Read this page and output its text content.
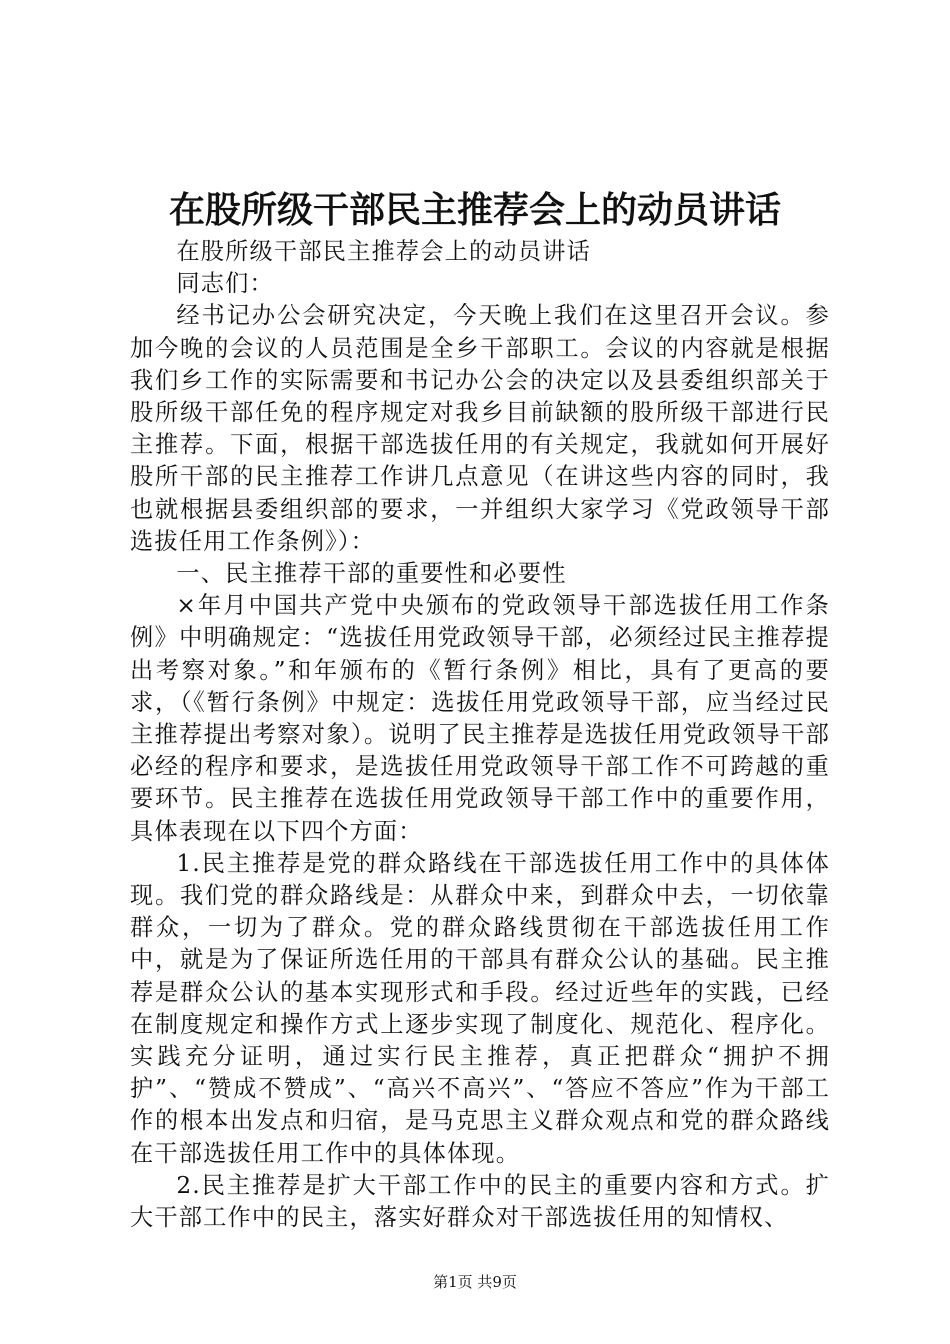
在股所级干部民主推荐会上的动员讲话

在股所级干部民主推荐会上的动员讲话

同志们：

经书记办公会研究决定，今天晚上我们在这里召开会议。参加今晚的会议的人员范围是全乡干部职工。会议的内容就是根据我们乡工作的实际需要和书记办公会的决定以及县委组织部关于股所级干部任免的程序规定对我乡目前缺额的股所级干部进行民主推荐。下面，根据干部选拔任用的有关规定，我就如何开展好股所干部的民主推荐工作讲几点意见（在讲这些内容的同时，我也就根据县委组织部的要求，一并组织大家学习《党政领导干部选拔任用工作条例》）：

一、民主推荐干部的重要性和必要性

×年月中国共产党中央颁布的党政领导干部选拔任用工作条例》中明确规定：“选拔任用党政领导干部，必须经过民主推荐提出考察对象。”和年颁布的《暂行条例》相比，具有了更高的要求，（《暂行条例》中规定：选拔任用党政领导干部，应当经过民主推荐提出考察对象）。说明了民主推荐是选拔任用党政领导干部必经的程序和要求，是选拔任用党政领导干部工作不可跨越的重要环节。民主推荐在选拔任用党政领导干部工作中的重要作用，具体表现在以下四个方面：

1.民主推荐是党的群众路线在干部选拔任用工作中的具体体现。我们党的群众路线是：从群众中来，到群众中去，一切依靠群众，一切为了群众。党的群众路线贯彻在干部选拔任用工作中，就是为了保证所选任用的干部具有群众公认的基础。民主推荐是群众公认的基本实现形式和手段。经过近些年的实践，已经在制度规定和操作方式上逐步实现了制度化、规范化、程序化。实践充分证明，通过实行民主推荐，真正把群众“拥护不拥护”、“赞成不赞成”、“高兴不高兴”、“答应不答应”作为干部工作的根本出发点和归宿，是马克思主义群众观点和党的群众路线在干部选拔任用工作中的具体体现。

2.民主推荐是扩大干部工作中的民主的重要内容和方式。扩大干部工作中的民主，落实好群众对干部选拔任用的知情权、

第1页 共9页
